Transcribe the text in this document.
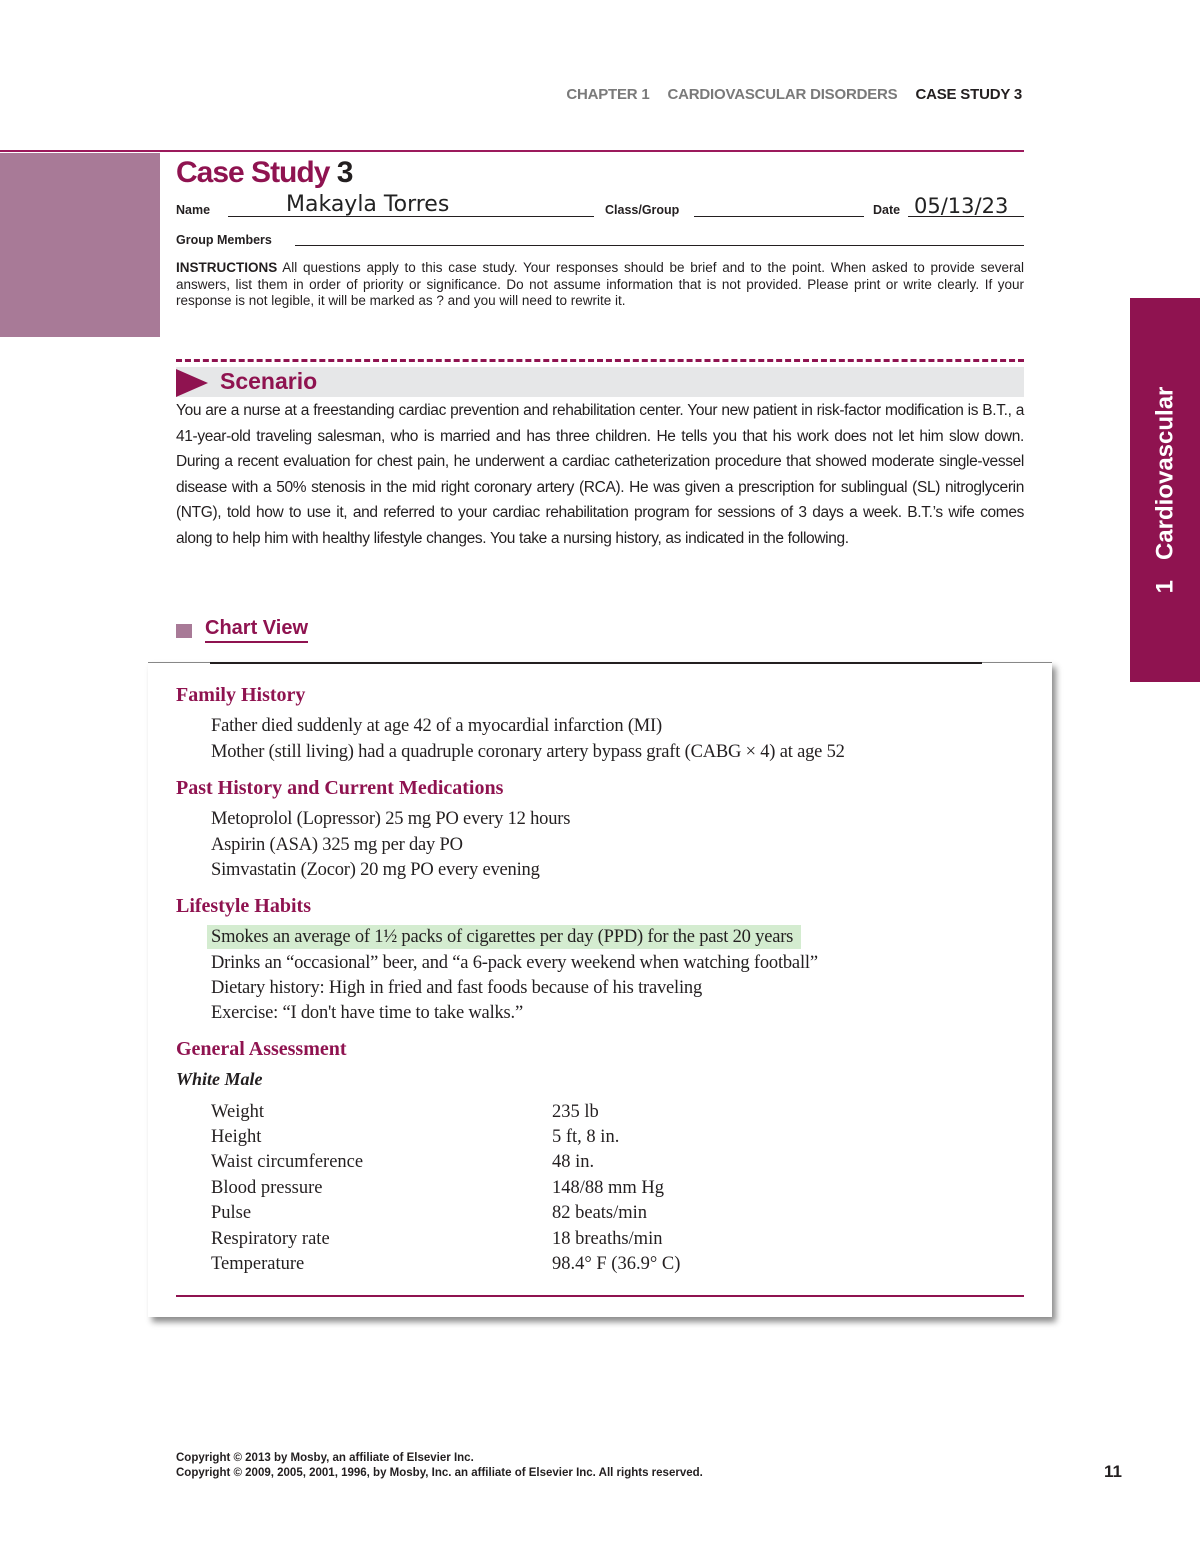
CHAPTER 1 CARDIOVASCULAR DISORDERS CASE STUDY 3
1   Cardiovascular
Case Study 3
Name	Makayla Torres	Class/Group	Date 05/13/23
Group Members
INSTRUCTIONS All questions apply to this case study. Your responses should be brief and to the point. When asked to provide several answers, list them in order of priority or significance. Do not assume information that is not provided. Please print or write clearly. If your response is not legible, it will be marked as ? and you will need to rewrite it.
Scenario
You are a nurse at a freestanding cardiac prevention and rehabilitation center. Your new patient in risk-factor modification is B.T., a 41-year-old traveling salesman, who is married and has three children. He tells you that his work does not let him slow down. During a recent evaluation for chest pain, he underwent a cardiac catheterization procedure that showed moderate single-vessel disease with a 50% stenosis in the mid right coronary artery (RCA). He was given a prescription for sublingual (SL) nitroglycerin (NTG), told how to use it, and referred to your cardiac rehabilitation program for sessions of 3 days a week. B.T.’s wife comes along to help him with healthy lifestyle changes. You take a nursing history, as indicated in the following.
Chart View
Family History
Father died suddenly at age 42 of a myocardial infarction (MI)
Mother (still living) had a quadruple coronary artery bypass graft (CABG × 4) at age 52
Past History and Current Medications
Metoprolol (Lopressor) 25 mg PO every 12 hours
Aspirin (ASA) 325 mg per day PO
Simvastatin (Zocor) 20 mg PO every evening
Lifestyle Habits
Smokes an average of 1½ packs of cigarettes per day (PPD) for the past 20 years
Drinks an “occasional” beer, and “a 6-pack every weekend when watching football”
Dietary history: High in fried and fast foods because of his traveling
Exercise: “I don't have time to take walks.”
General Assessment
White Male
Weight	235 lb
Height	5 ft, 8 in.
Waist circumference	48 in.
Blood pressure	148/88 mm Hg
Pulse	82 beats/min
Respiratory rate	18 breaths/min
Temperature	98.4° F (36.9° C)
Copyright © 2013 by Mosby, an affiliate of Elsevier Inc.
Copyright © 2009, 2005, 2001, 1996, by Mosby, Inc. an affiliate of Elsevier Inc. All rights reserved.	11
